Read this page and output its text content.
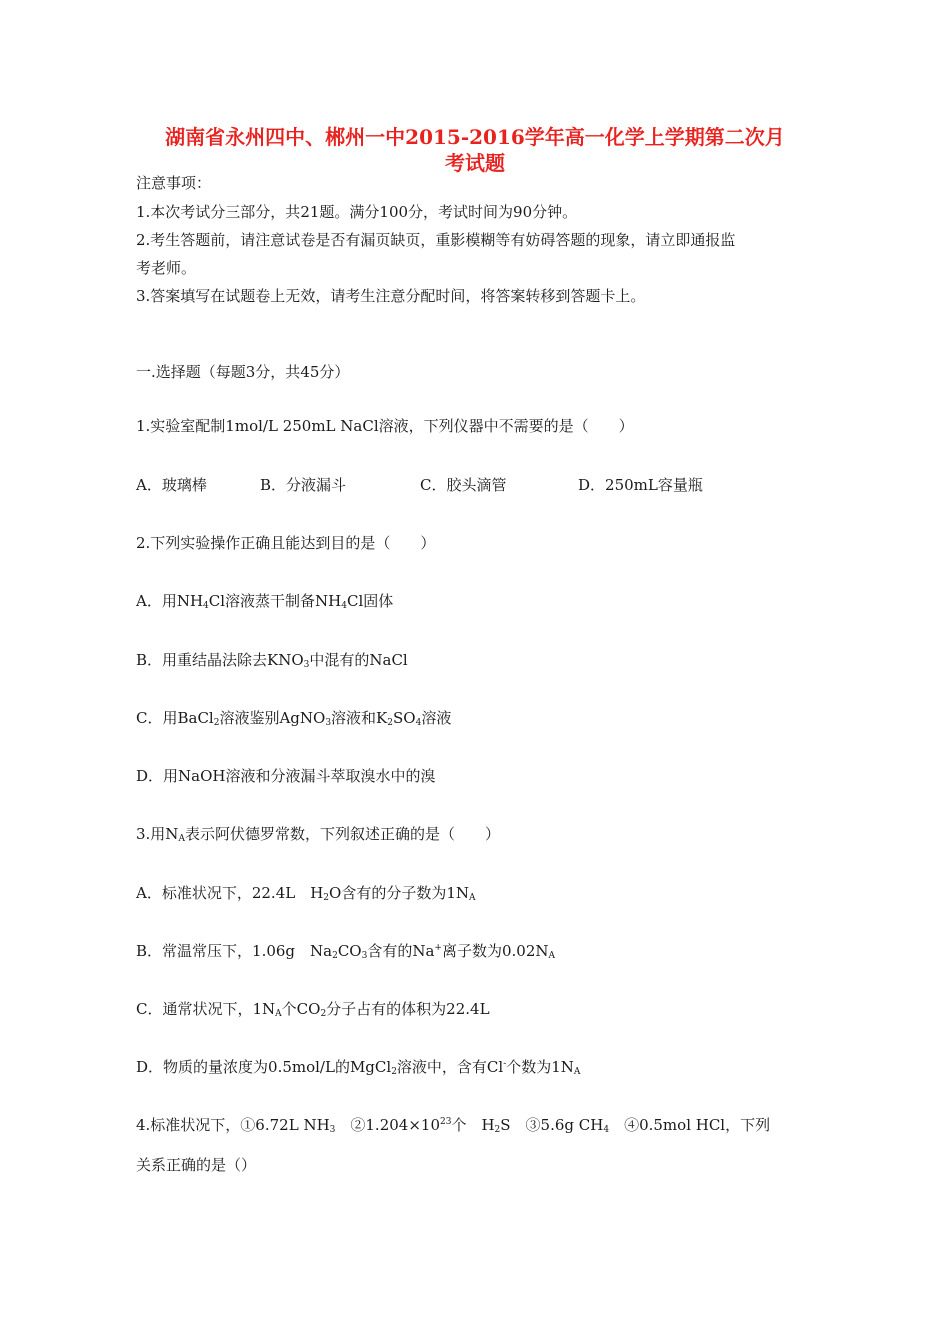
湖南省永州四中、郴州一中2015-2016学年高一化学上学期第二次月
考试题
注意事项：
1.本次考试分三部分，共21题。满分100分，考试时间为90分钟。
2.考生答题前，请注意试卷是否有漏页缺页，重影模糊等有妨碍答题的现象，请立即通报监
考老师。
3.答案填写在试题卷上无效，请考生注意分配时间，将答案转移到答题卡上。
一.选择题（每题3分，共45分）
1.实验室配制1mol/L 250mL NaCl溶液，下列仪器中不需要的是（　　）
A．玻璃棒	B．分液漏斗	C．胶头滴管	D．250mL容量瓶
2.下列实验操作正确且能达到目的是（　　）
A．用$NH_4Cl$溶液蒸干制备$NH_4Cl$固体
B．用重结晶法除去$KNO_3$中混有的NaCl
C．用BaCl$_2$溶液鉴别AgNO$_3$溶液和$K_2SO_4$溶液
D．用NaOH溶液和分液漏斗萃取溴水中的溴
3.用$N_A$表示阿伏德罗常数，下列叙述正确的是（　　）
A．标准状况下，22.4L　$H_2O$含有的分子数为$1N_A$
B．常温常压下，1.06g　$Na_2CO_3$含有的Na+离子数为$0.02N_A$
C．通常状况下，$1N_A$个$CO_2$分子占有的体积为22.4L
D．物质的量浓度为0.5mol/L的MgCl$_2$溶液中，含有Cl-个数为$1N_A$
4.标准状况下，①6.72L $NH_3$　$②1.204\times 10^{23}$个　$H_2S$　③5.6g $CH_4$　④0.5mol HCl，下列
关系正确的是（）
